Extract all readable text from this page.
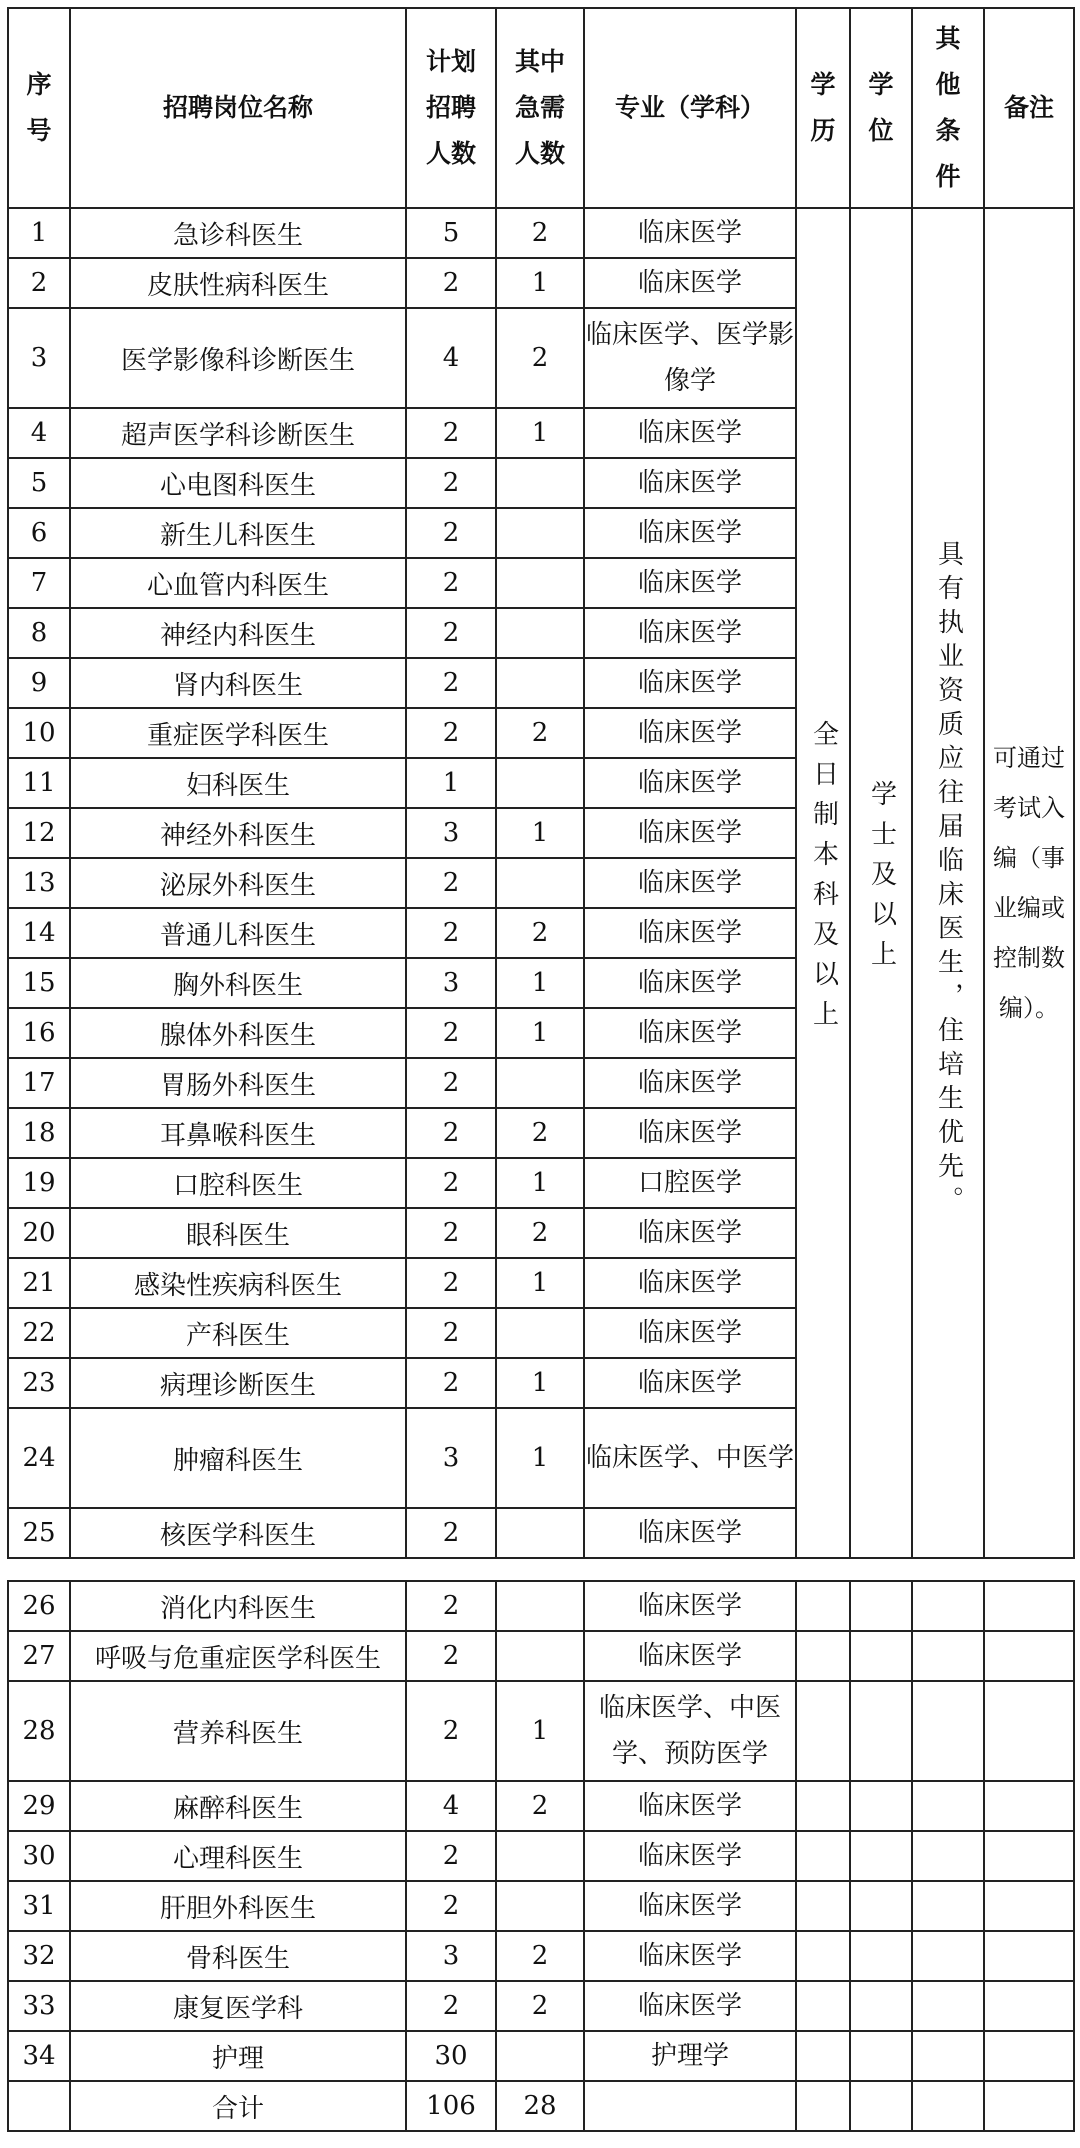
序号	招聘岗位名称	计划招聘人数	其中急需人数	专业（学科）	学历	学位	其他条件	备注
1	急诊科医生	5	2	临床医学	全日制本科及以上	学士及以上	具有执业资质应往届临床医生，住培生优先。	可通过考试入编（事业编或控制数编）。

2	皮肤性病科医生	2	1	临床医学				
3	医学影像科诊断医生	4	2	临床医学、医学影像学				
4	超声医学科诊断医生	2	1	临床医学				
5	心电图科医生	2		临床医学				
6	新生儿科医生	2		临床医学				
7	心血管内科医生	2		临床医学				
8	神经内科医生	2		临床医学				
9	肾内科医生	2		临床医学				
10	重症医学科医生	2	2	临床医学				
11	妇科医生	1		临床医学				
12	神经外科医生	3	1	临床医学				
13	泌尿外科医生	2		临床医学				
14	普通儿科医生	2	2	临床医学				
15	胸外科医生	3	1	临床医学				
16	腺体外科医生	2	1	临床医学				
17	胃肠外科医生	2		临床医学				
18	耳鼻喉科医生	2	2	临床医学				
19	口腔科医生	2	1	口腔医学				
20	眼科医生	2	2	临床医学				
21	感染性疾病科医生	2	1	临床医学				
22	产科医生	2		临床医学				
23	病理诊断医生	2	1	临床医学				
24	肿瘤科医生	3	1	临床医学、中医学				
25	核医学科医生	2		临床医学				
26	消化内科医生	2		临床医学				
27	呼吸与危重症医学科医生	2		临床医学				
28	营养科医生	2	1	临床医学、中医学、预防医学				
29	麻醉科医生	4	2	临床医学				
30	心理科医生	2		临床医学				
31	肝胆外科医生	2		临床医学				
32	骨科医生	3	2	临床医学				
33	康复医学科	2	2	临床医学				
34	护理	30		护理学				
	合计	106	28					
